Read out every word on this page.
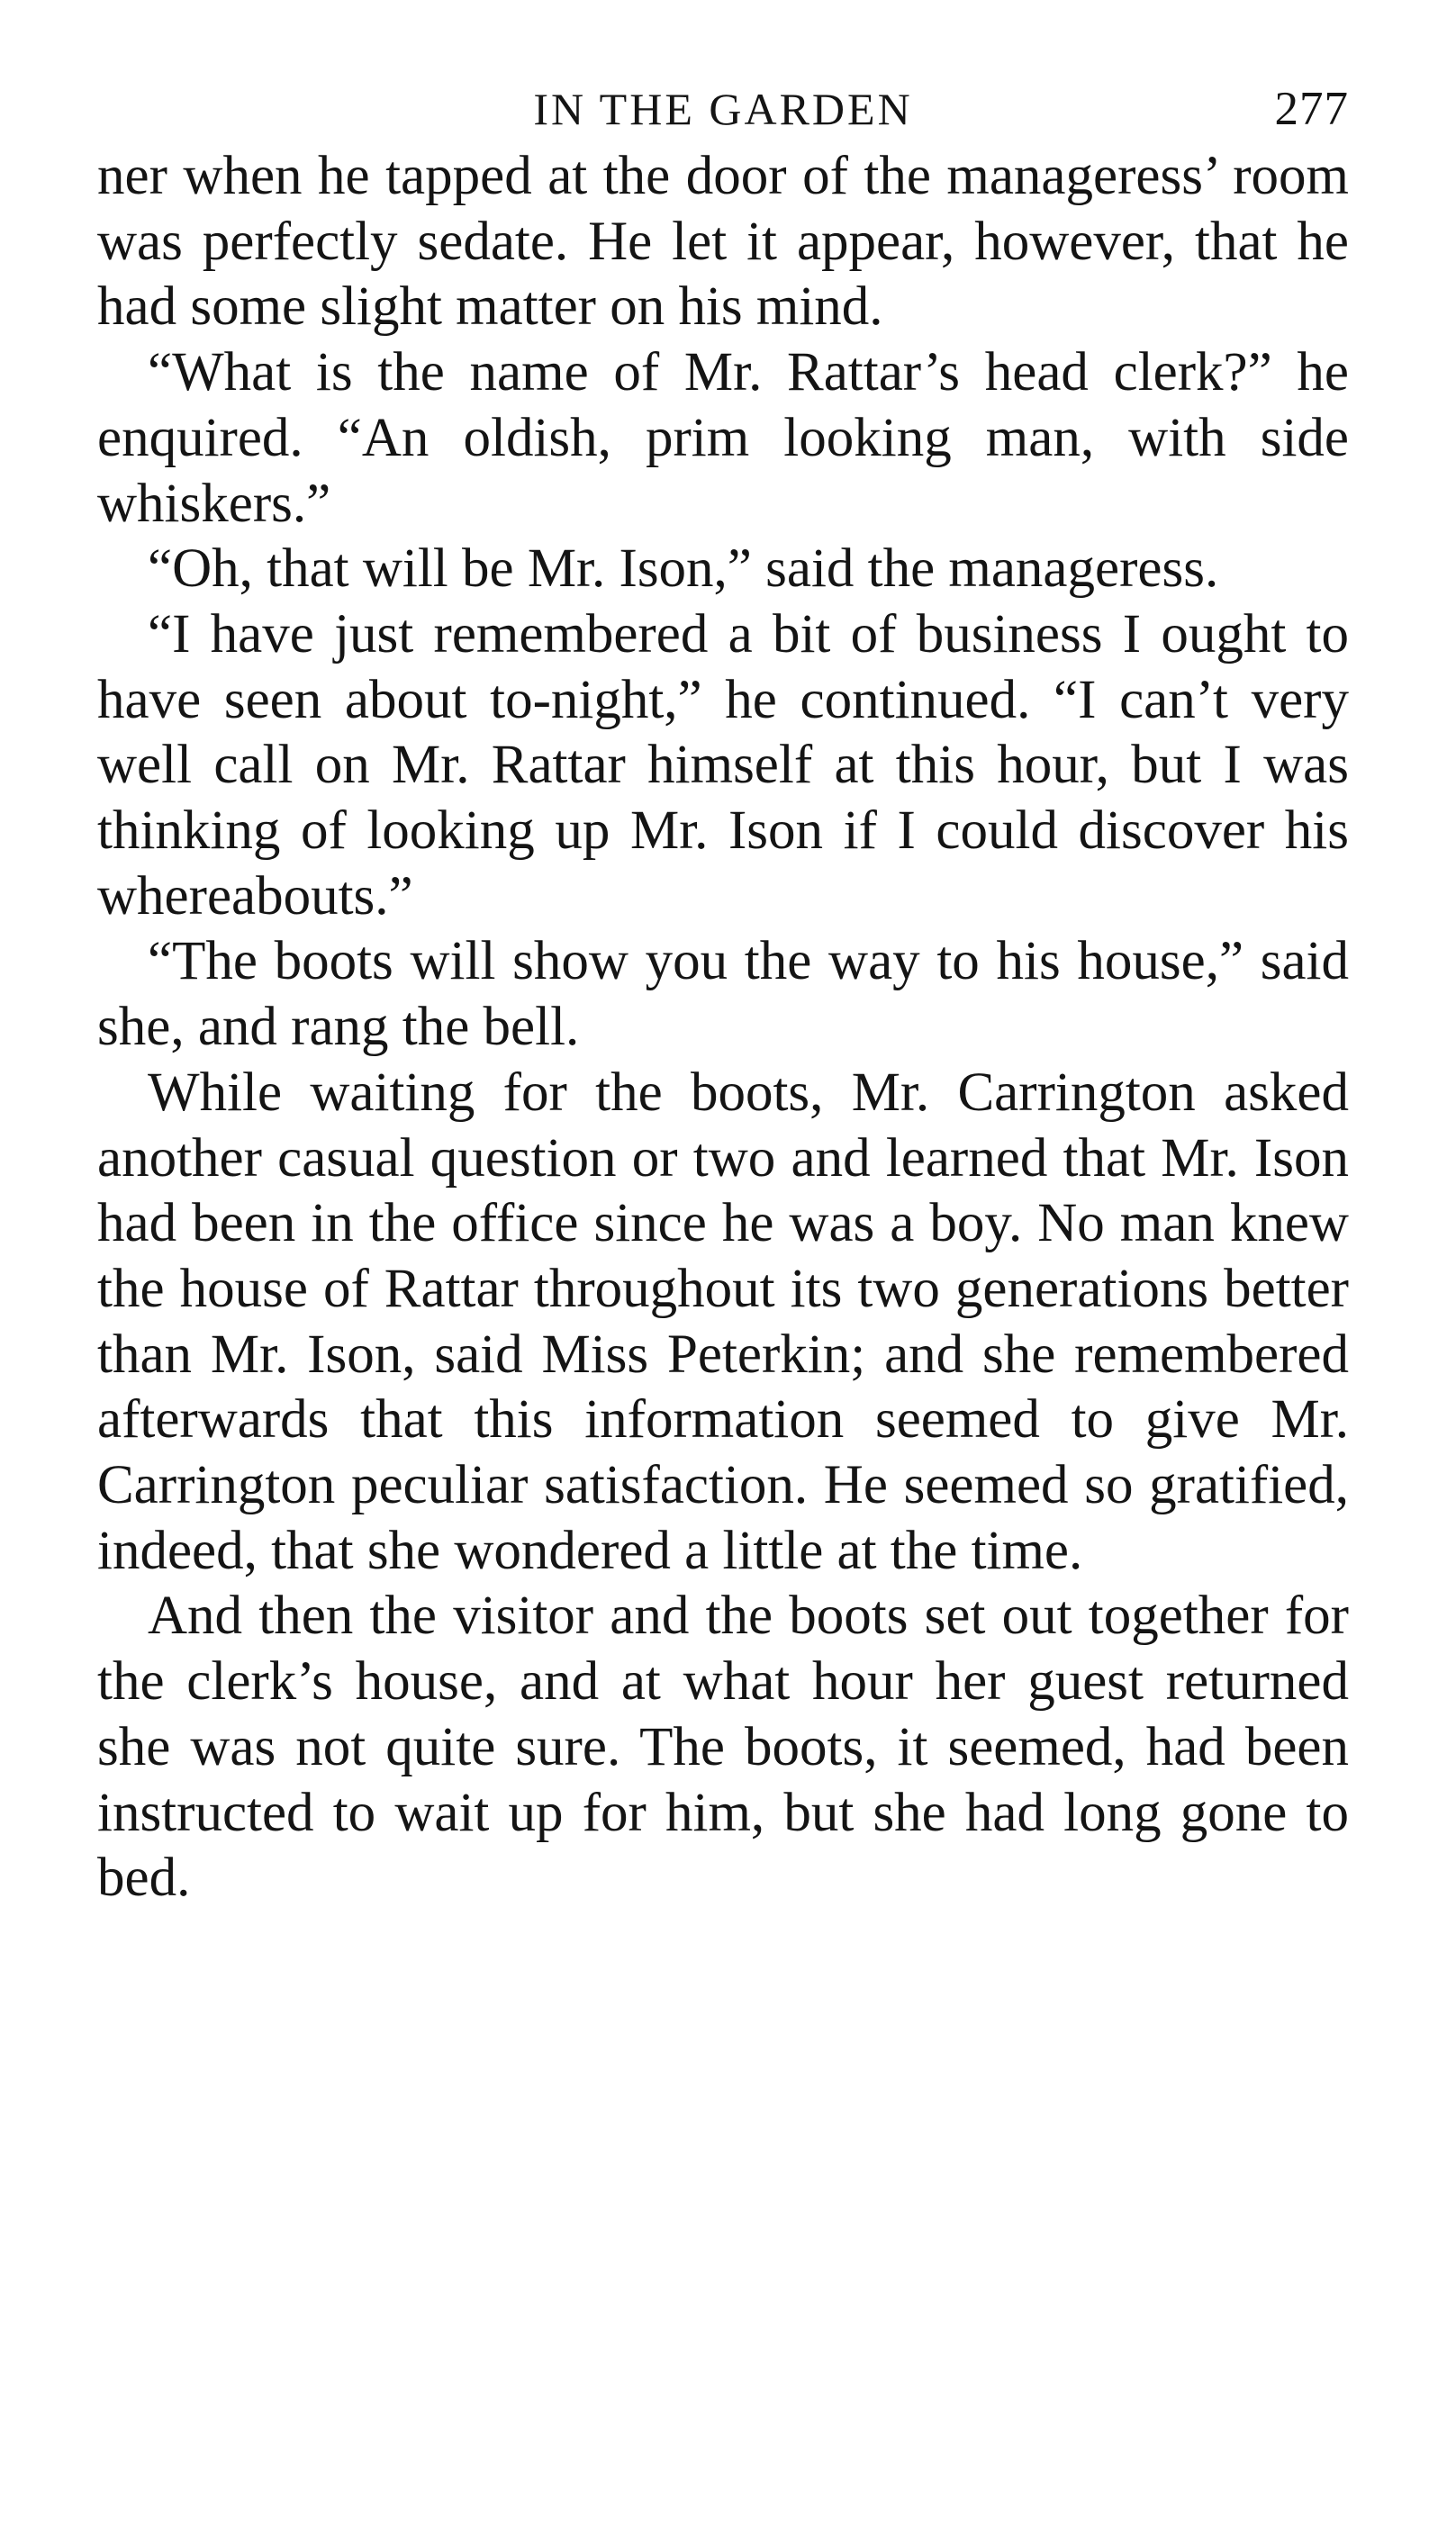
IN THE GARDEN	277

ner when he tapped at the door of the manageress’ room was perfectly sedate. He let it appear, however, that he had some slight matter on his mind.

“What is the name of Mr. Rattar’s head clerk?” he enquired. “An oldish, prim looking man, with side whiskers.”

“Oh, that will be Mr. Ison,” said the manageress.

“I have just remembered a bit of business I ought to have seen about to-night,” he continued. “I can’t very well call on Mr. Rattar himself at this hour, but I was thinking of looking up Mr. Ison if I could discover his whereabouts.”

“The boots will show you the way to his house,” said she, and rang the bell.

While waiting for the boots, Mr. Carrington asked another casual question or two and learned that Mr. Ison had been in the office since he was a boy. No man knew the house of Rattar throughout its two generations better than Mr. Ison, said Miss Peterkin; and she remembered afterwards that this information seemed to give Mr. Carrington peculiar satisfaction. He seemed so gratified, indeed, that she wondered a little at the time.

And then the visitor and the boots set out together for the clerk’s house, and at what hour her guest returned she was not quite sure. The boots, it seemed, had been instructed to wait up for him, but she had long gone to bed.
